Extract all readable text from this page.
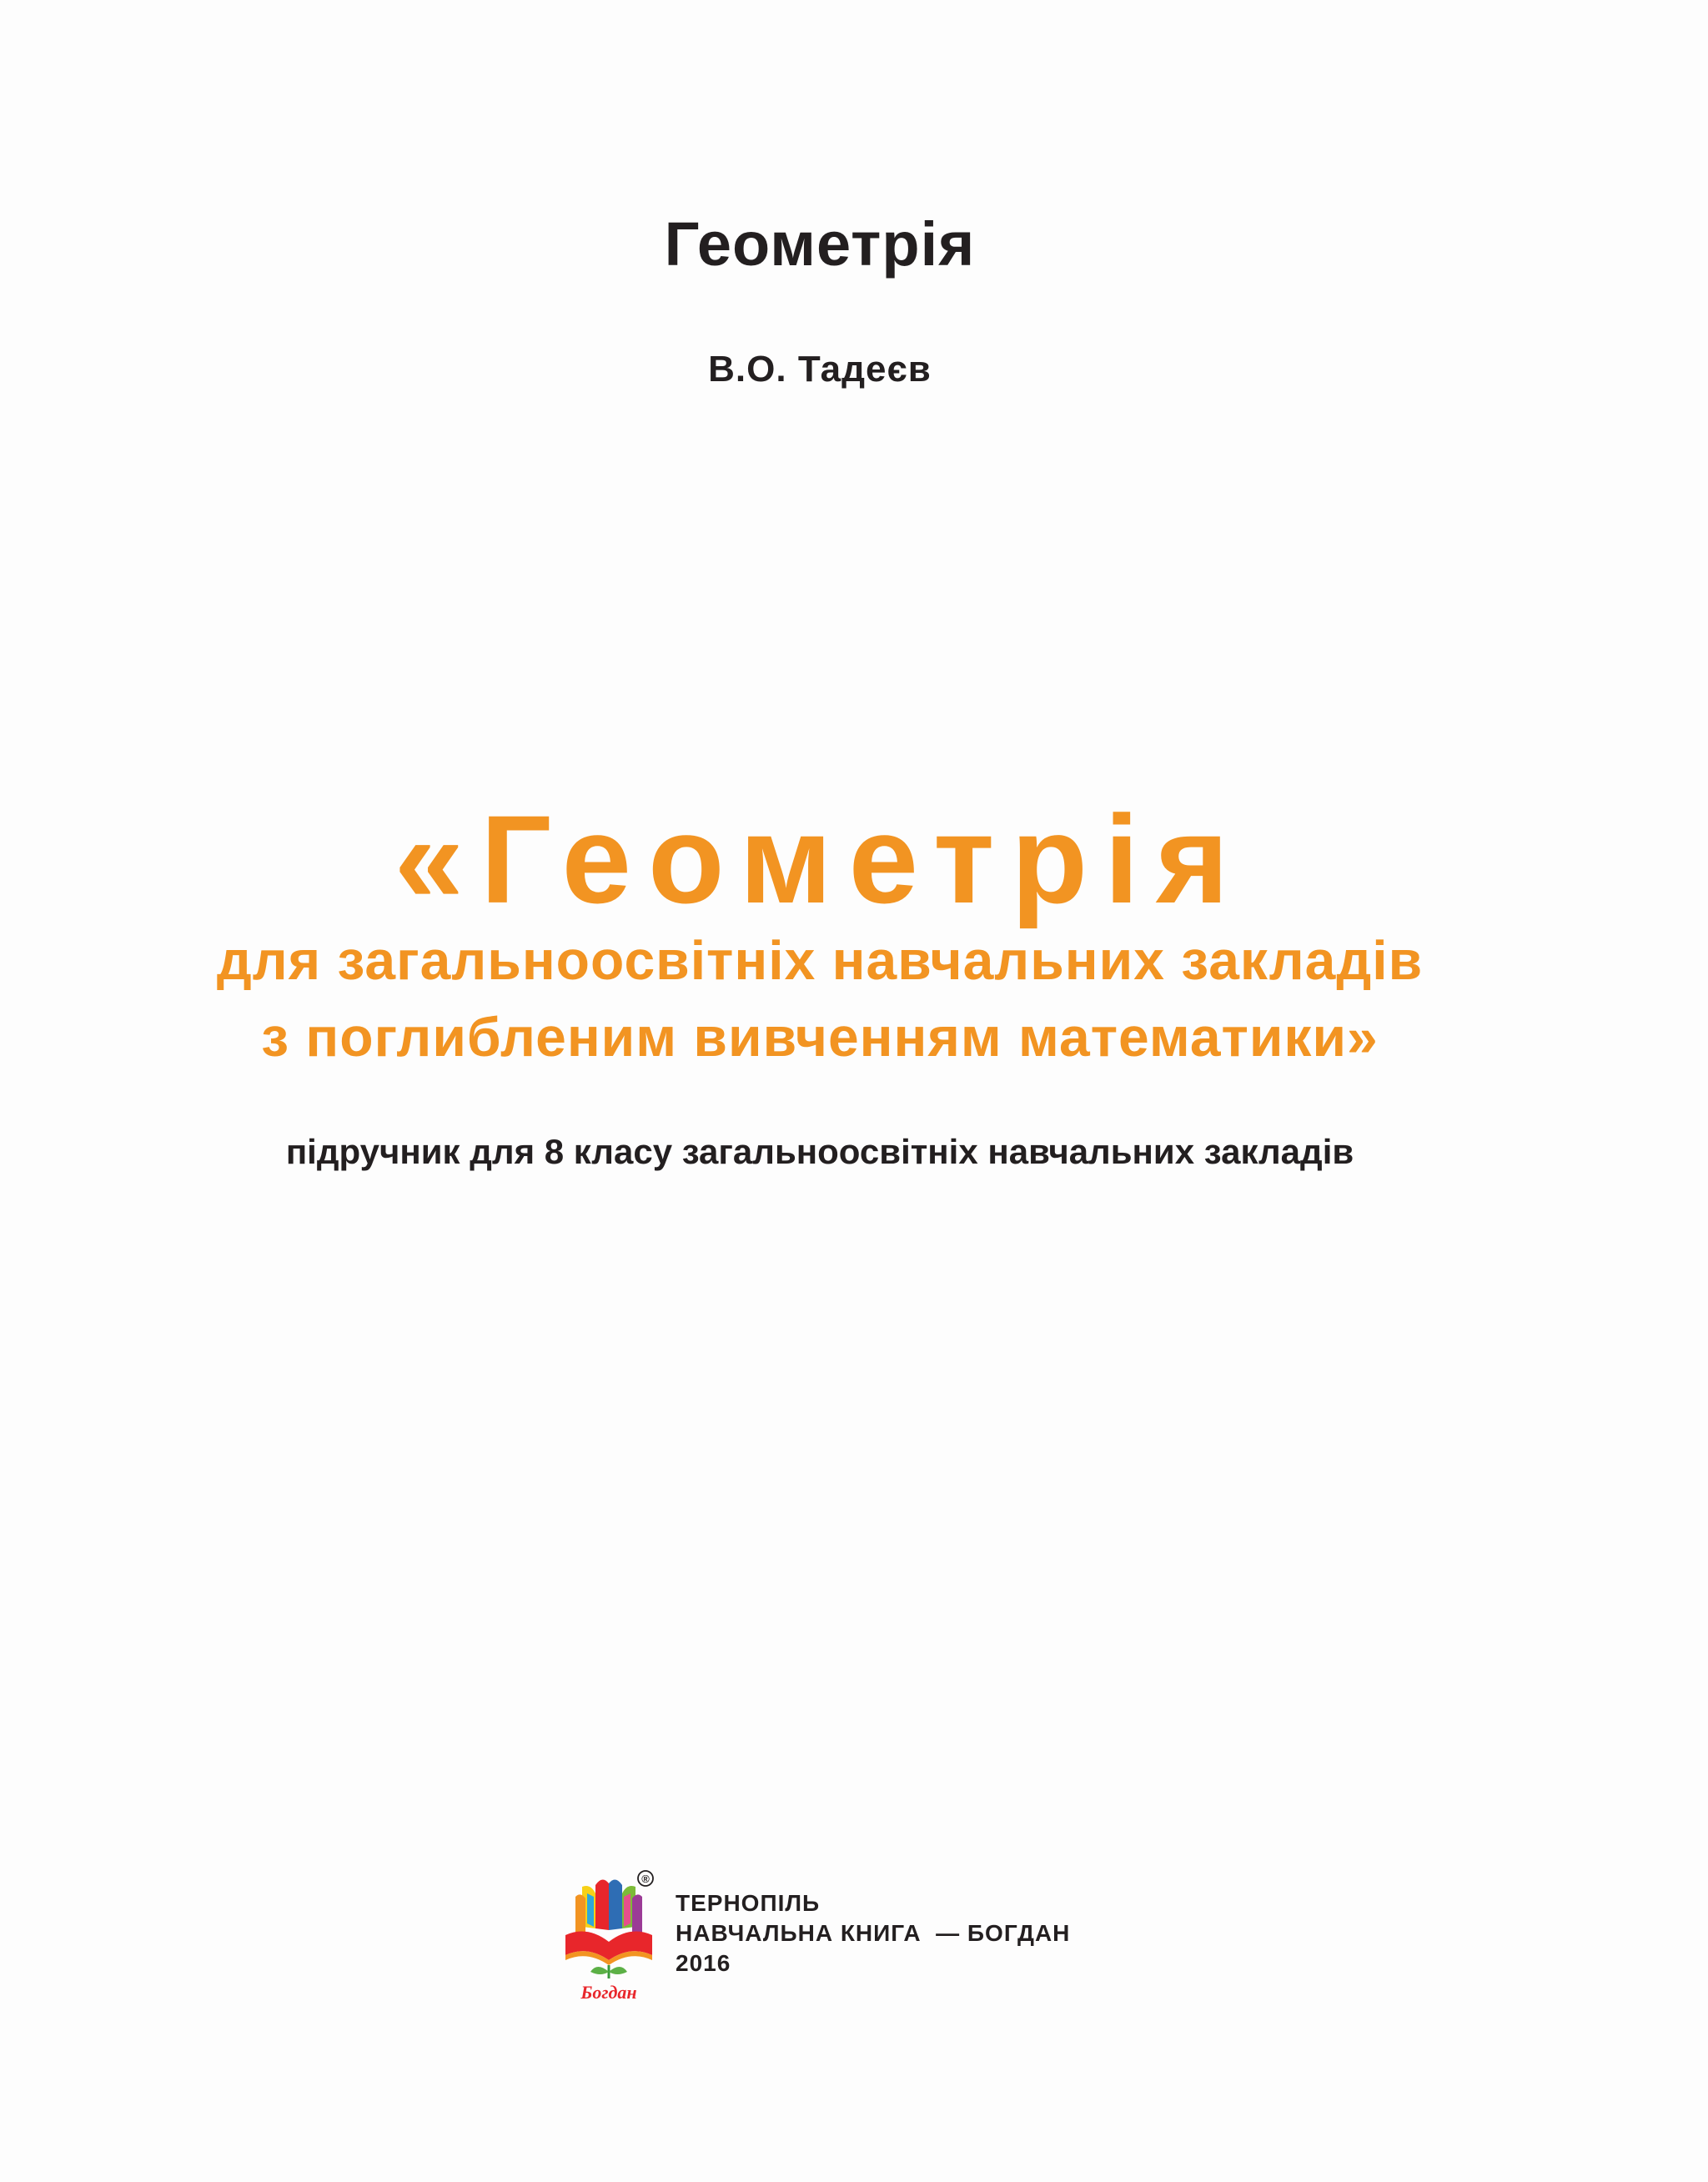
Геометрія
В.О. Тадеєв
«Геометрія
для загальноосвітніх навчальних закладів
з поглибленим вивченням математики»
підручник для 8 класу загальноосвітніх навчальних закладів
®
Богдан
ТЕРНОПІЛЬ
НАВЧАЛЬНА КНИГА  — БОГДАН
2016
